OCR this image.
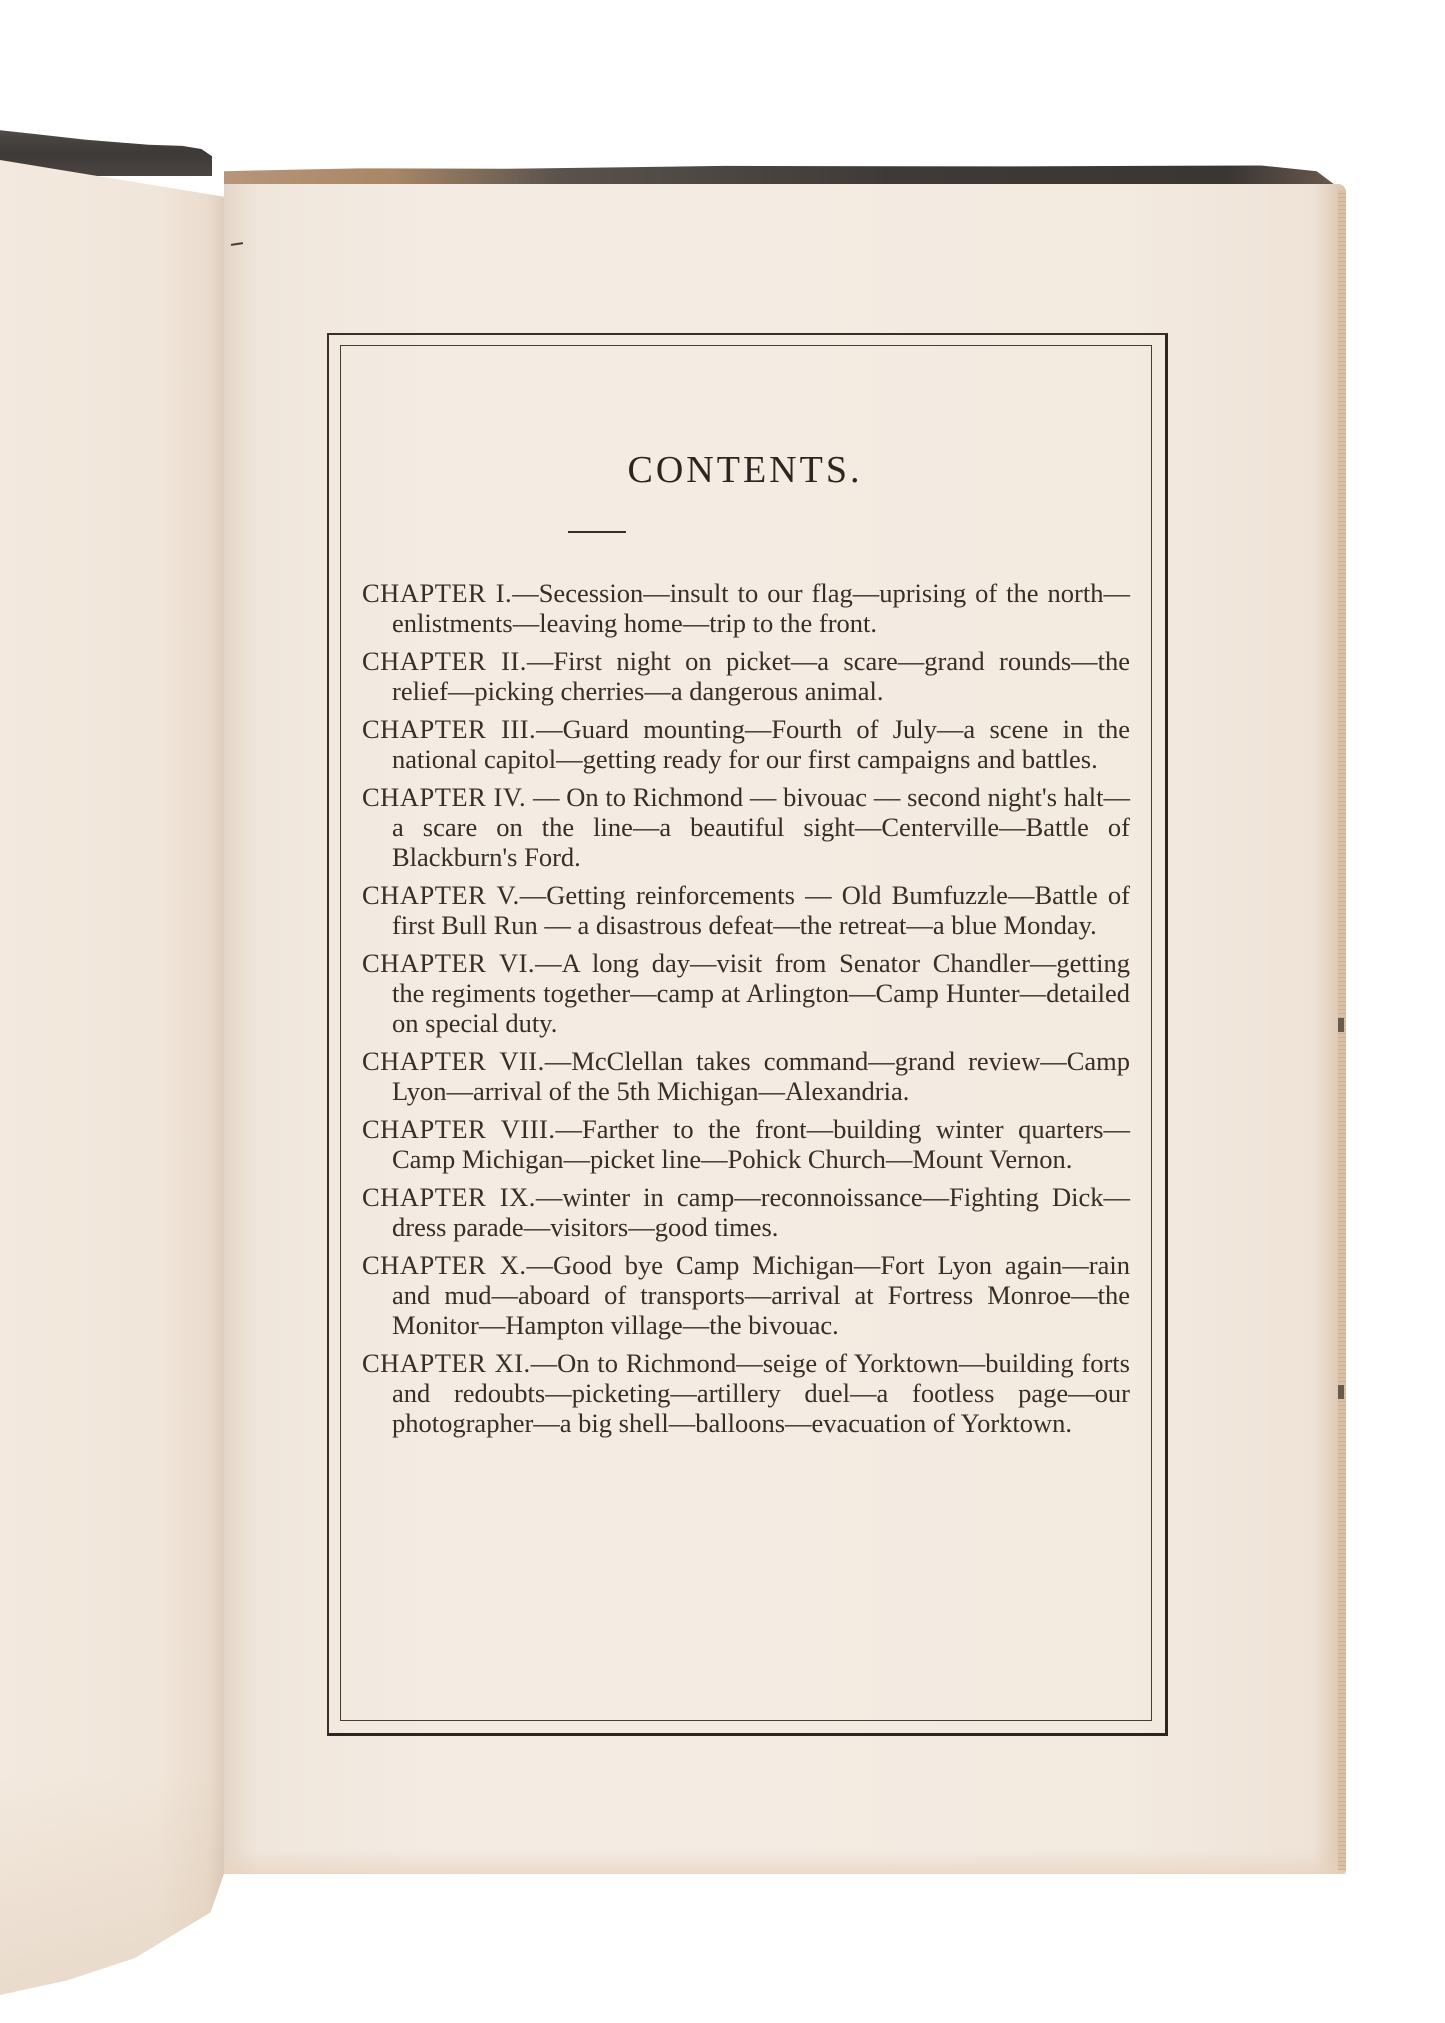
CONTENTS.
CHAPTER I.—Secession—insult to our flag—uprising of the north—enlistments—leaving home—trip to the front.
CHAPTER II.—First night on picket—a scare—grand rounds—the relief—picking cherries—a dangerous animal.
CHAPTER III.—Guard mounting—Fourth of July—a scene in the national capitol—getting ready for our first campaigns and battles.
CHAPTER IV. — On to Richmond — bivouac — second night's halt—a scare on the line—a beautiful sight—Centerville—Battle of Blackburn's Ford.
CHAPTER V.—Getting reinforcements — Old Bumfuzzle—Battle of first Bull Run — a disastrous defeat—the retreat—a blue Monday.
CHAPTER VI.—A long day—visit from Senator Chandler—getting the regiments together—camp at Arlington—Camp Hunter—detailed on special duty.
CHAPTER VII.—McClellan takes command—grand review—Camp Lyon—arrival of the 5th Michigan—Alexandria.
CHAPTER VIII.—Farther to the front—building winter quarters—Camp Michigan—picket line—Pohick Church—Mount Vernon.
CHAPTER IX.—winter in camp—reconnoissance—Fighting Dick—dress parade—visitors—good times.
CHAPTER X.—Good bye Camp Michigan—Fort Lyon again—rain and mud—aboard of transports—arrival at Fortress Monroe—the Monitor—Hampton village—the bivouac.
CHAPTER XI.—On to Richmond—seige of Yorktown—building forts and redoubts—picketing—artillery duel—a footless page—our photographer—a big shell—balloons—evacuation of Yorktown.
